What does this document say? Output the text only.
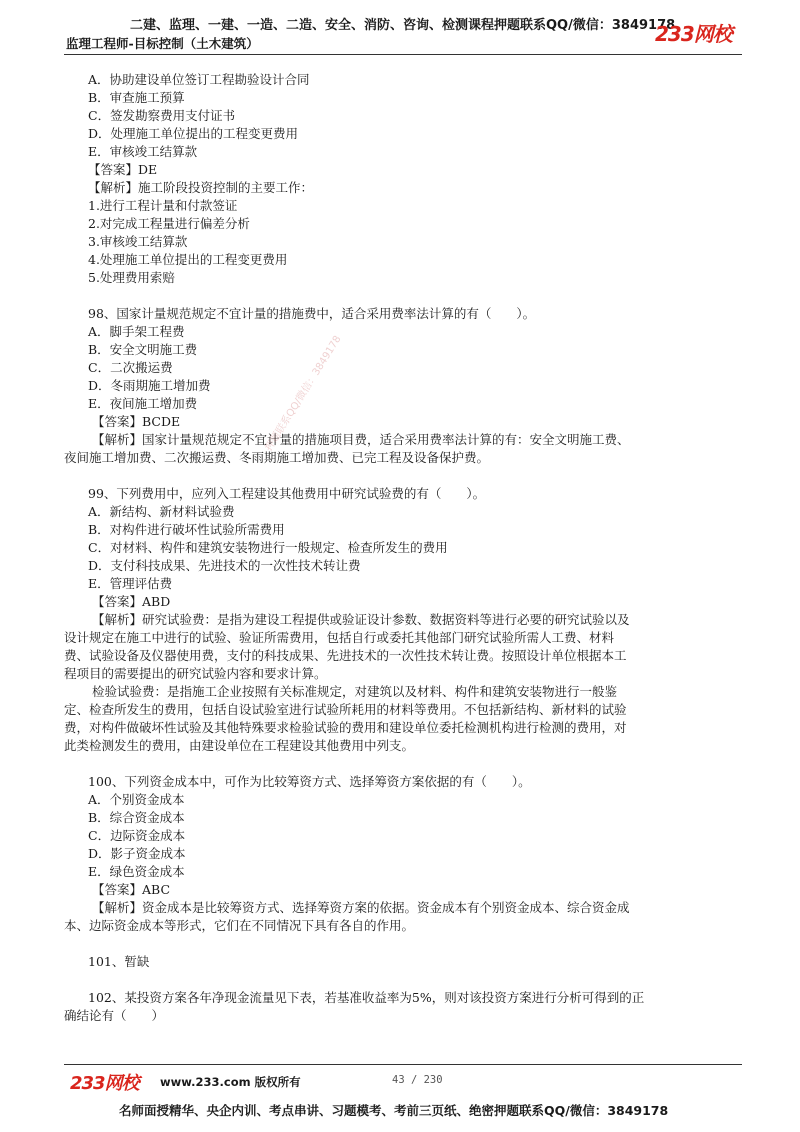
二建、监理、一建、一造、二造、安全、消防、咨询、检测课程押题联系QQ/微信：3849178
监理工程师-目标控制（土木建筑）	233网校
A．协助建设单位签订工程勘验设计合同
B．审查施工预算
C．签发勘察费用支付证书
D．处理施工单位提出的工程变更费用
E．审核竣工结算款
【答案】DE
【解析】施工阶段投资控制的主要工作：
1.进行工程计量和付款签证
2.对完成工程量进行偏差分析
3.审核竣工结算款
4.处理施工单位提出的工程变更费用
5.处理费用索赔
98、国家计量规范规定不宜计量的措施费中，适合采用费率法计算的有（　　）。
A．脚手架工程费
B．安全文明施工费
C．二次搬运费
D．冬雨期施工增加费
E．夜间施工增加费
【答案】BCDE
【解析】国家计量规范规定不宜计量的措施项目费，适合采用费率法计算的有：安全文明施工费、
夜间施工增加费、二次搬运费、冬雨期施工增加费、已完工程及设备保护费。
99、下列费用中，应列入工程建设其他费用中研究试验费的有（　　）。
A．新结构、新材料试验费
B．对构件进行破坏性试验所需费用
C．对材料、构件和建筑安装物进行一般规定、检查所发生的费用
D．支付科技成果、先进技术的一次性技术转让费
E．管理评估费
【答案】ABD
【解析】研究试验费：是指为建设工程提供或验证设计参数、数据资料等进行必要的研究试验以及
设计规定在施工中进行的试验、验证所需费用，包括自行或委托其他部门研究试验所需人工费、材料
费、试验设备及仪器使用费，支付的科技成果、先进技术的一次性技术转让费。按照设计单位根据本工
程项目的需要提出的研究试验内容和要求计算。
检验试验费：是指施工企业按照有关标准规定，对建筑以及材料、构件和建筑安装物进行一般鉴
定、检查所发生的费用，包括自设试验室进行试验所耗用的材料等费用。不包括新结构、新材料的试验
费，对构件做破坏性试验及其他特殊要求检验试验的费用和建设单位委托检测机构进行检测的费用，对
此类检测发生的费用，由建设单位在工程建设其他费用中列支。
100、下列资金成本中，可作为比较筹资方式、选择筹资方案依据的有（　　）。
A．个别资金成本
B．综合资金成本
C．边际资金成本
D．影子资金成本
E．绿色资金成本
【答案】ABC
【解析】资金成本是比较筹资方式、选择筹资方案的依据。资金成本有个别资金成本、综合资金成
本、边际资金成本等形式，它们在不同情况下具有各自的作用。
101、暂缺
102、某投资方案各年净现金流量见下表，若基准收益率为5%，则对该投资方案进行分析可得到的正
确结论有（　　）
押题联系QQ/微信：3849178
233网校 www.233.com 版权所有	43 / 230
名师面授精华、央企内训、考点串讲、习题模考、考前三页纸、绝密押题联系QQ/微信：3849178
